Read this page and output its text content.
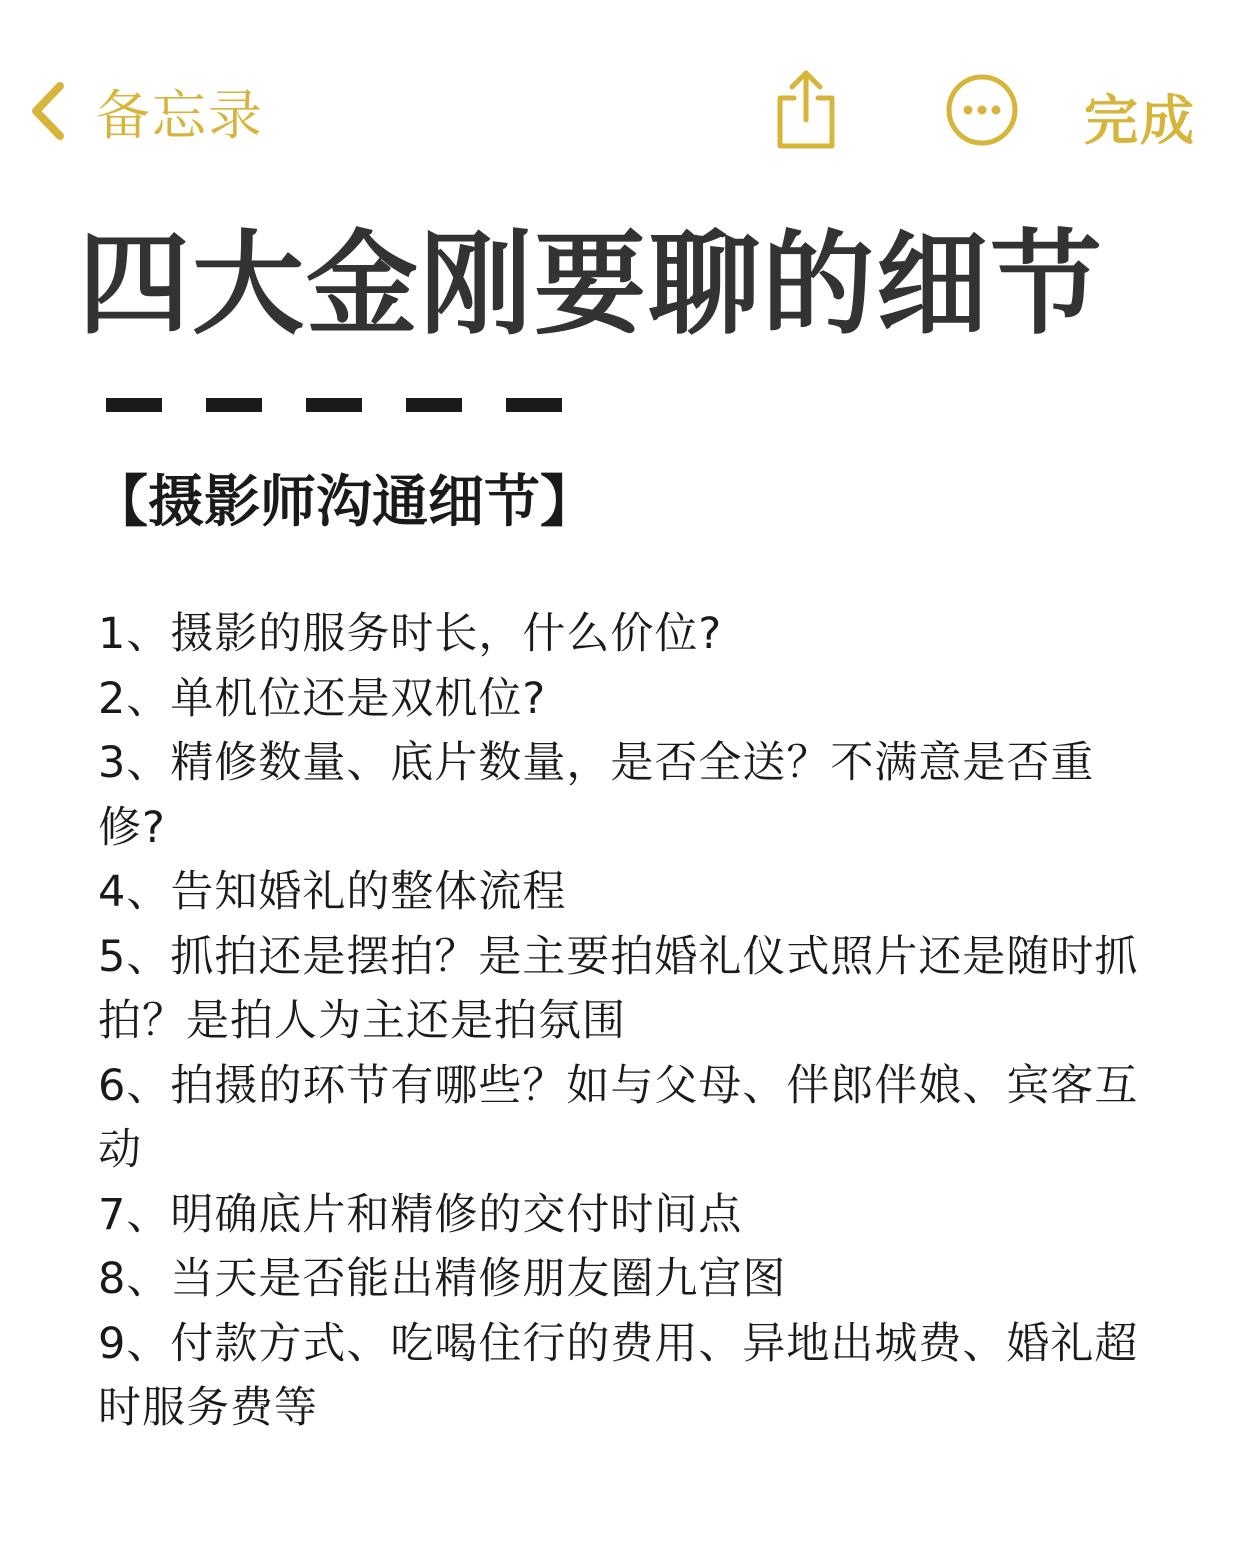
备忘录	完成
四大金刚要聊的细节
【摄影师沟通细节】
1、摄影的服务时长，什么价位?
2、单机位还是双机位?
3、精修数量、底片数量，是否全送？不满意是否重修?
4、告知婚礼的整体流程
5、抓拍还是摆拍？是主要拍婚礼仪式照片还是随时抓拍？是拍人为主还是拍氛围
6、拍摄的环节有哪些？如与父母、伴郎伴娘、宾客互动
7、明确底片和精修的交付时间点
8、当天是否能出精修朋友圈九宫图
9、付款方式、吃喝住行的费用、异地出城费、婚礼超时服务费等
